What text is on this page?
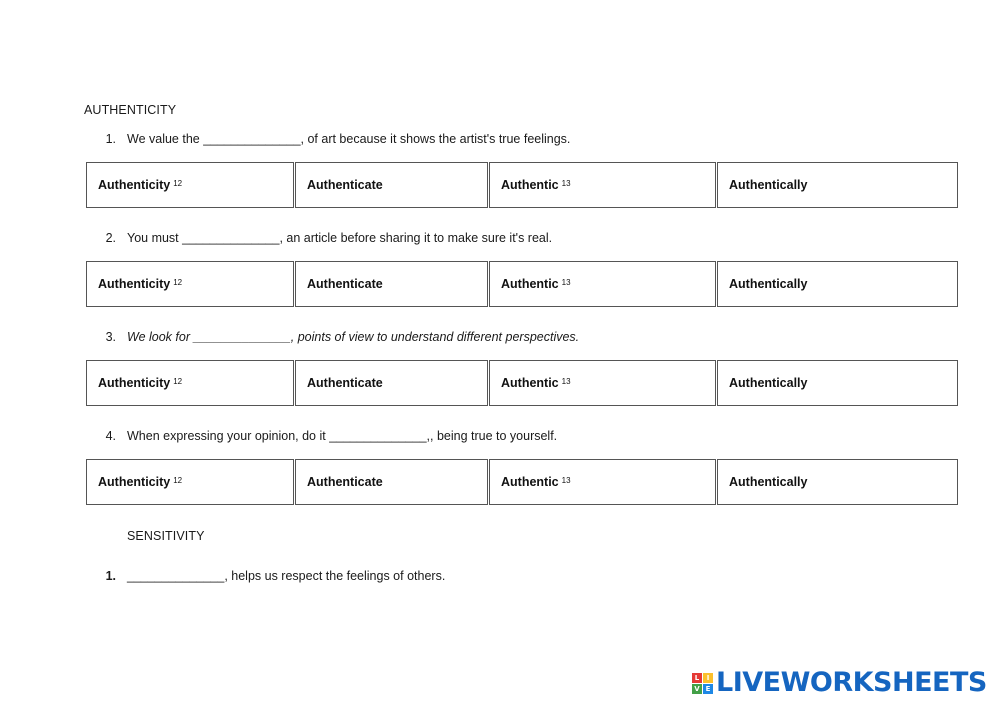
AUTHENTICITY
1. We value the ______________, of art because it shows the artist's true feelings.
Authenticity $^{12}$	Authenticate	Authentic $^{13}$	Authentically
2. You must ______________, an article before sharing it to make sure it's real.
Authenticity $^{12}$	Authenticate	Authentic $^{13}$	Authentically
3. We look for ______________, points of view to understand different perspectives.
Authenticity $^{12}$	Authenticate	Authentic $^{13}$	Authentically
4. When expressing your opinion, do it ______________,, being true to yourself.
Authenticity $^{12}$	Authenticate	Authentic $^{13}$	Authentically
SENSITIVITY
1. ______________, helps us respect the feelings of others.
L	I
V E LIVEWORKSHEETS
